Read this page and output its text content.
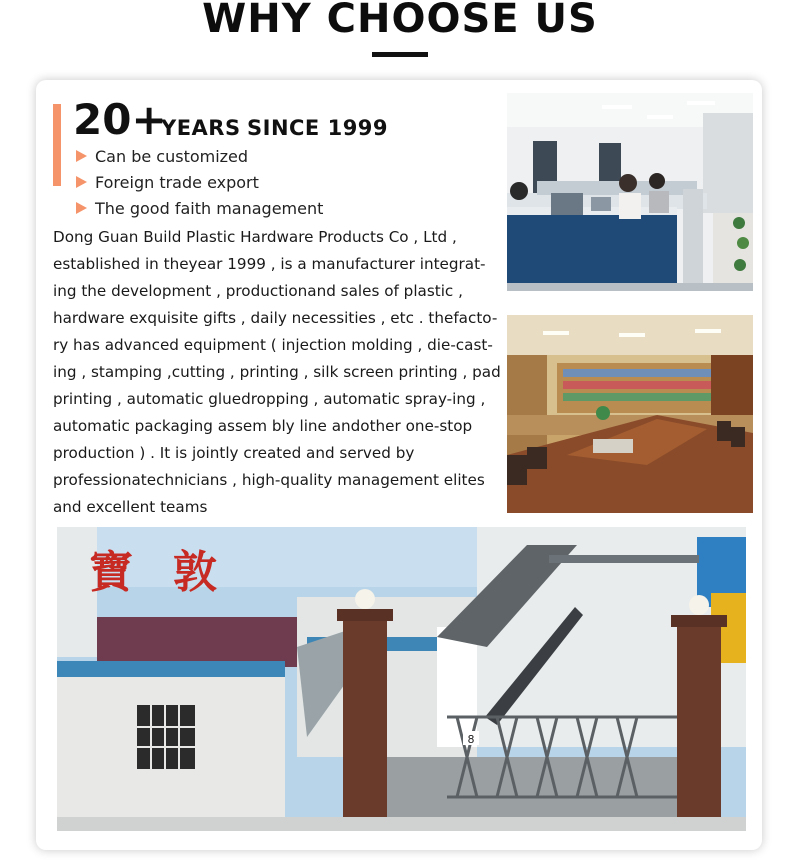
WHY CHOOSE US
20+
YEARS SINCE 1999
Can be customized
Foreign trade export
The good faith management

Dong Guan Build Plastic Hardware Products Co , Ltd , established in theyear 1999 , is a manufacturer integrat-ing the development , productionand sales of plastic , hardware exquisite gifts , daily necessities , etc . thefacto-ry has advanced equipment ( injection molding , die-cast-ing , stamping ,cutting , printing , silk screen printing , pad printing , automatic gluedropping , automatic spray-ing , automatic packaging assem bly line andother one-stop production ) . It is jointly created and served by professionatechnicians , high-quality management elites and excellent teams

8
寶敦
